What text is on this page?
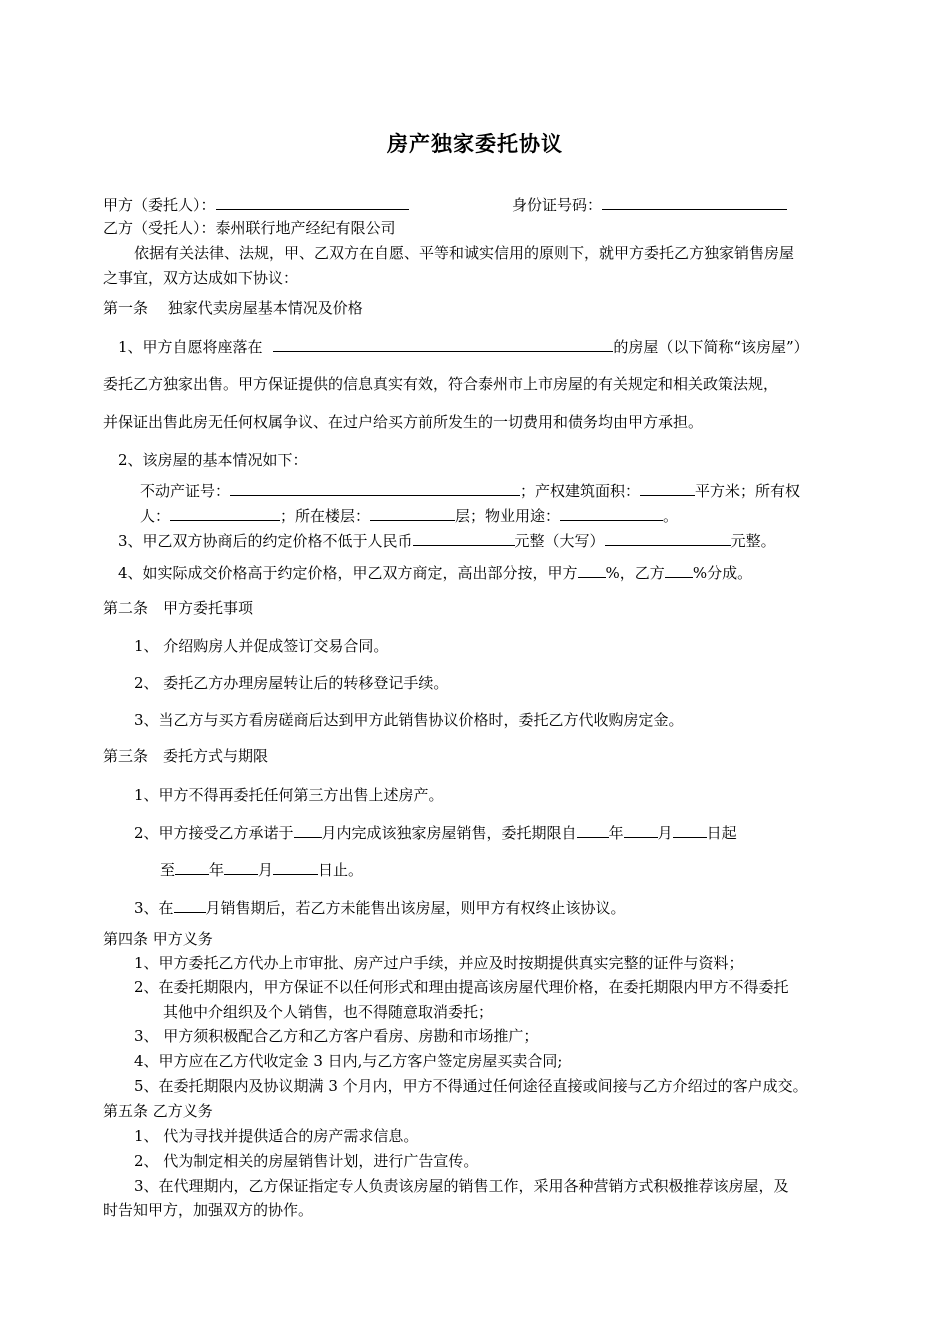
房产独家委托协议
甲方（委托人）：	身份证号码：
乙方（受托人）：泰州联行地产经纪有限公司
依据有关法律、法规，甲、乙双方在自愿、平等和诚实信用的原则下，就甲方委托乙方独家销售房屋
之事宜，双方达成如下协议：
第一条　 独家代卖房屋基本情况及价格
1、甲方自愿将座落在	的房屋（以下简称“该房屋”）
委托乙方独家出售。甲方保证提供的信息真实有效，符合泰州市上市房屋的有关规定和相关政策法规，
并保证出售此房无任何权属争议、在过户给买方前所发生的一切费用和债务均由甲方承担。
2、该房屋的基本情况如下：
不动产证号：	；产权建筑面积：	平方米；所有权
人：	；所在楼层：	层；物业用途：	。
3、甲乙双方协商后的约定价格不低于人民币	元整（大写）	元整。
4、如实际成交价格高于约定价格，甲乙双方商定，高出部分按，甲方 %，乙方 %分成。
第二条　甲方委托事项
1、 介绍购房人并促成签订交易合同。
2、 委托乙方办理房屋转让后的转移登记手续。
3、当乙方与买方看房磋商后达到甲方此销售协议价格时，委托乙方代收购房定金。
第三条　委托方式与期限
1、甲方不得再委托任何第三方出售上述房产。
2、甲方接受乙方承诺于 月内完成该独家房屋销售，委托期限自 年 月 日起
至 年 月	日止。
3、在 月销售期后，若乙方未能售出该房屋，则甲方有权终止该协议。
第四条 甲方义务
1、甲方委托乙方代办上市审批、房产过户手续，并应及时按期提供真实完整的证件与资料；
2、在委托期限内，甲方保证不以任何形式和理由提高该房屋代理价格，在委托期限内甲方不得委托
其他中介组织及个人销售，也不得随意取消委托；
3、 甲方须积极配合乙方和乙方客户看房、房勘和市场推广；
4、甲方应在乙方代收定金 3 日内,与乙方客户签定房屋买卖合同;
5、在委托期限内及协议期满 3 个月内，甲方不得通过任何途径直接或间接与乙方介绍过的客户成交。
第五条 乙方义务
1、 代为寻找并提供适合的房产需求信息。
2、 代为制定相关的房屋销售计划，进行广告宣传。
3、在代理期内，乙方保证指定专人负责该房屋的销售工作，采用各种营销方式积极推荐该房屋，及
时告知甲方，加强双方的协作。
